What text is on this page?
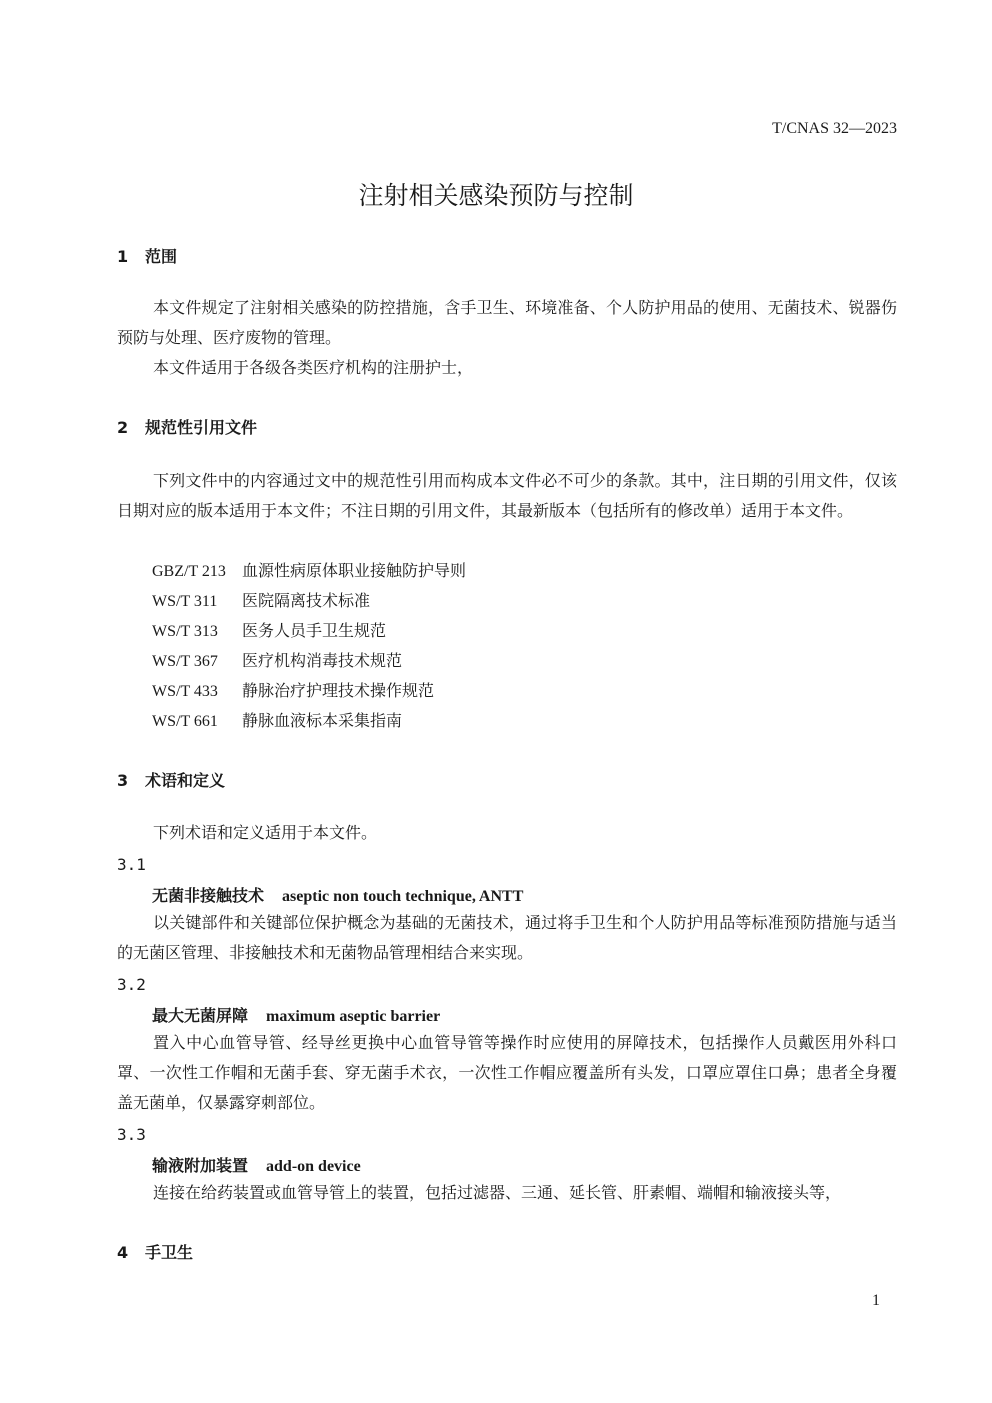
T/CNAS 32—2023
注射相关感染预防与控制
1 范围
本文件规定了注射相关感染的防控措施，含手卫生、环境准备、个人防护用品的使用、无菌技术、锐器伤预防与处理、医疗废物的管理。
本文件适用于各级各类医疗机构的注册护士，
2 规范性引用文件
下列文件中的内容通过文中的规范性引用而构成本文件必不可少的条款。其中，注日期的引用文件，仅该日期对应的版本适用于本文件；不注日期的引用文件，其最新版本（包括所有的修改单）适用于本文件。
GBZ/T 213 血源性病原体职业接触防护导则
WS/T 311 医院隔离技术标准
WS/T 313 医务人员手卫生规范
WS/T 367 医疗机构消毒技术规范
WS/T 433 静脉治疗护理技术操作规范
WS/T 661 静脉血液标本采集指南
3 术语和定义
下列术语和定义适用于本文件。
3.1
无菌非接触技术 aseptic non touch technique, ANTT
以关键部件和关键部位保护概念为基础的无菌技术，通过将手卫生和个人防护用品等标准预防措施与适当的无菌区管理、非接触技术和无菌物品管理相结合来实现。
3.2
最大无菌屏障 maximum aseptic barrier
置入中心血管导管、经导丝更换中心血管导管等操作时应使用的屏障技术，包括操作人员戴医用外科口罩、一次性工作帽和无菌手套、穿无菌手术衣，一次性工作帽应覆盖所有头发，口罩应罩住口鼻；患者全身覆盖无菌单，仅暴露穿刺部位。
3.3
输液附加装置 add-on device
连接在给药装置或血管导管上的装置，包括过滤器、三通、延长管、肝素帽、端帽和输液接头等，
4 手卫生
1
